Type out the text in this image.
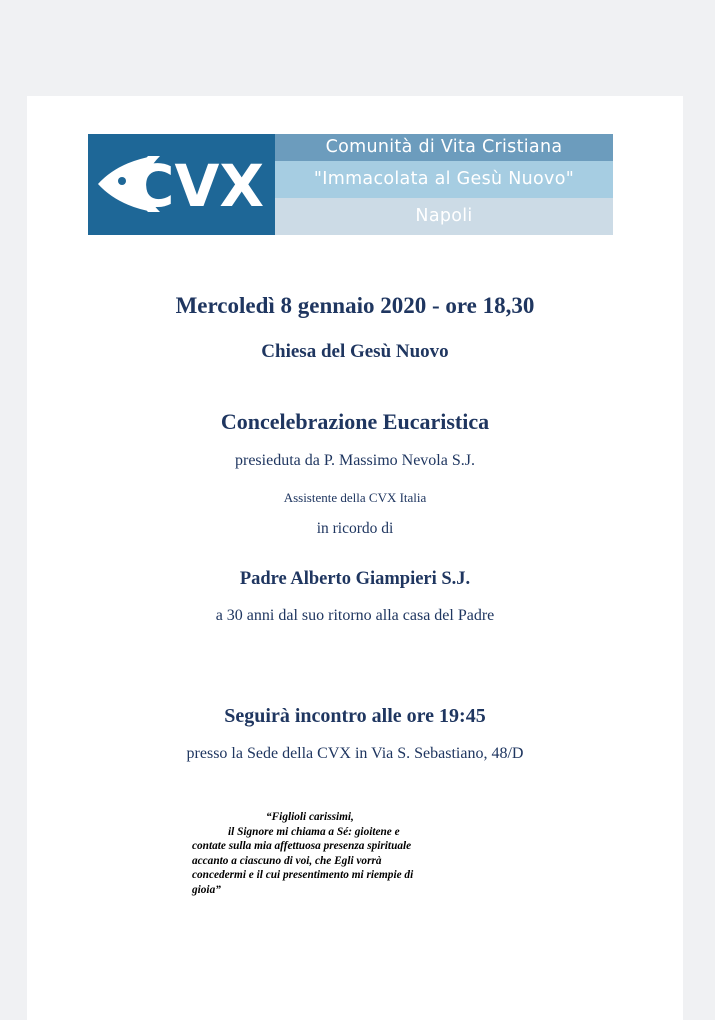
CVX
Comunità di Vita Cristiana
"Immacolata al Gesù Nuovo"
Napoli
Mercoledì 8 gennaio 2020 - ore 18,30
Chiesa del Gesù Nuovo
Concelebrazione Eucaristica
presieduta da P. Massimo Nevola S.J.
Assistente della CVX Italia
in ricordo di
Padre Alberto Giampieri S.J.
a 30 anni dal suo ritorno alla casa del Padre
Seguirà incontro alle ore 19:45
presso la Sede della CVX in Via S. Sebastiano, 48/D
“Figlioli carissimi,
il Signore mi chiama a Sé: gioitene e
contate sulla mia affettuosa presenza spirituale
accanto a ciascuno di voi, che Egli vorrà
concedermi e il cui presentimento mi riempie di
gioia”
